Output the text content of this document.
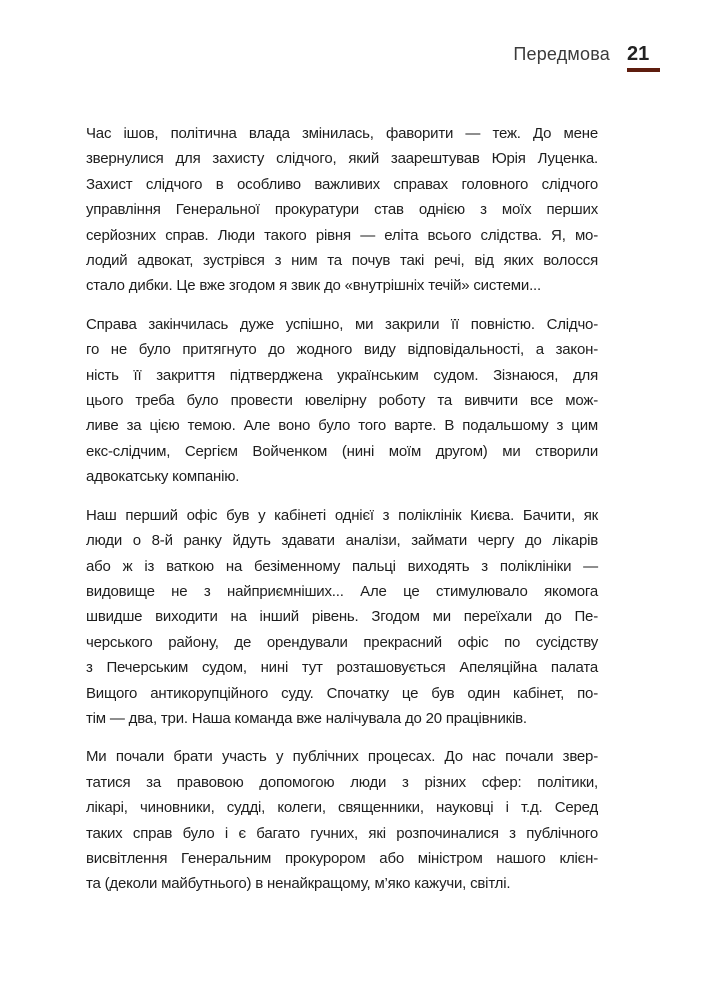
Передмова 21
Час ішов, політична влада змінилась, фаворити — теж. До мене
звернулися для захисту слідчого, який заарештував Юрія Луценка.
Захист слідчого в особливо важливих справах головного слідчого
управління Генеральної прокуратури став однією з моїх перших
серйозних справ. Люди такого рівня — еліта всього слідства. Я, мо-
лодий адвокат, зустрівся з ним та почув такі речі, від яких волосся
стало дибки. Це вже згодом я звик до «внутрішніх течій» системи...
Справа закінчилась дуже успішно, ми закрили її повністю. Слідчо-
го не було притягнуто до жодного виду відповідальності, а закон-
ність її закриття підтверджена українським судом. Зізнаюся, для
цього треба було провести ювелірну роботу та вивчити все мож-
ливе за цією темою. Але воно було того варте. В подальшому з цим
екс-слідчим, Сергієм Войченком (нині моїм другом) ми створили
адвокатську компанію.
Наш перший офіс був у кабінеті однієї з поліклінік Києва. Бачити, як
люди о 8-й ранку йдуть здавати аналізи, займати чергу до лікарів
або ж із ваткою на безіменному пальці виходять з поліклініки —
видовище не з найприємніших... Але це стимулювало якомога
швидше виходити на інший рівень. Згодом ми переїхали до Пе-
черського району, де орендували прекрасний офіс по сусідству
з Печерським судом, нині тут розташовується Апеляційна палата
Вищого антикорупційного суду. Спочатку це був один кабінет, по-
тім — два, три. Наша команда вже налічувала до 20 працівників.
Ми почали брати участь у публічних процесах. До нас почали звер-
татися за правовою допомогою люди з різних сфер: політики,
лікарі, чиновники, судді, колеги, священники, науковці і т.д. Серед
таких справ було і є багато гучних, які розпочиналися з публічного
висвітлення Генеральним прокурором або міністром нашого клієн-
та (деколи майбутнього) в ненайкращому, м’яко кажучи, світлі.
